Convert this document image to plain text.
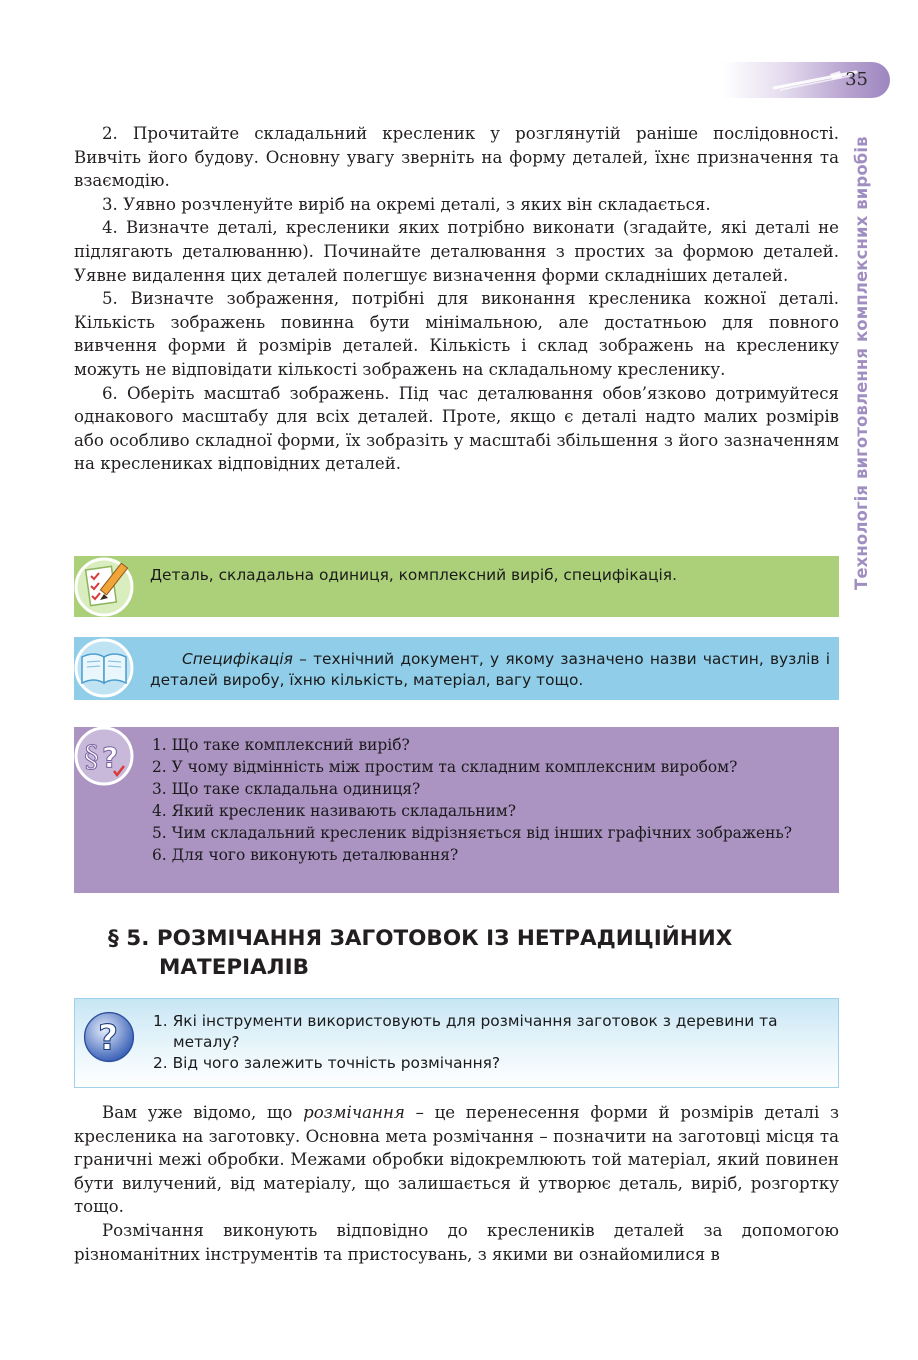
35
Технологія виготовлення комплексних виробів

2. Прочитайте складальний кресленик у розглянутій раніше послідовності. Вивчіть його будову. Основну увагу зверніть на форму деталей, їхнє призначення та взаємодію.

3. Уявно розчленуйте виріб на окремі деталі, з яких він складається.

4. Визначте деталі, кресленики яких потрібно виконати (згадайте, які деталі не підлягають деталюванню). Починайте деталювання з простих за формою деталей. Уявне видалення цих деталей полегшує визначення форми складніших деталей.

5. Визначте зображення, потрібні для виконання кресленика кожної деталі. Кількість зображень повинна бути мінімальною, але достатньою для повного вивчення форми й розмірів деталей. Кількість і склад зображень на кресленику можуть не відповідати кількості зображень на складальному кресленику.

6. Оберіть масштаб зображень. Під час деталювання обов’язково дотримуйтеся однакового масштабу для всіх деталей. Проте, якщо є деталі надто малих розмірів або особливо складної форми, їх зобразіть у масштабі збільшення з його зазначенням на креслениках відповідних деталей.

Деталь, складальна одиниця, комплексний виріб, специфікація.
Специфікація – технічний документ, у якому зазначено назви частин, вузлів і деталей виробу, їхню кількість, матеріал, вагу тощо.
§ ? 1. Що таке комплексний виріб?
2. У чому відмінність між простим та складним комплексним виробом?
3. Що таке складальна одиниця?
4. Який кресленик називають складальним?
5. Чим складальний кресленик відрізняється від інших графічних зображень?
6. Для чого виконують деталювання?
§ 5. РОЗМІЧАННЯ ЗАГОТОВОК ІЗ НЕТРАДИЦІЙНИХ
МАТЕРІАЛІВ
? 1. Які інструменти використовують для розмічання заготовок з деревини та металу?
2. Від чого залежить точність розмічання?

Вам уже відомо, що розмічання – це перенесення форми й розмірів деталі з кресленика на заготовку. Основна мета розмічання – позначити на заготовці місця та граничні межі обробки. Межами обробки відокремлюють той матеріал, який повинен бути вилучений, від матеріалу, що залишається й утворює деталь, виріб, розгортку тощо.

Розмічання виконують відповідно до креслеників деталей за допомогою різноманітних інструментів та пристосувань, з якими ви ознайомилися в
